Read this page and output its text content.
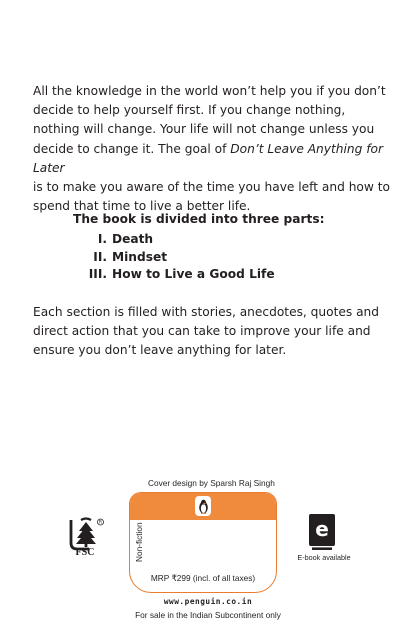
All the knowledge in the world won’t help you if you don’t decide to help yourself first. If you change nothing, nothing will change. Your life will not change unless you decide to change it. The goal of Don’t Leave Anything for Later
is to make you aware of the time you have left and how to spend that time to live a better life.

The book is divided into three parts:

I. Death
II. Mindset
III. How to Live a Good Life

Each section is filled with stories, anecdotes, quotes and direct action that you can take to improve your life and ensure you don’t leave anything for later.

Cover design by Sparsh Raj Singh
Non-fiction
MRP ₹299 (incl. of all taxes)
www.penguin.co.in
For sale in the Indian Subcontinent only
R
FSC
e
E-book available
